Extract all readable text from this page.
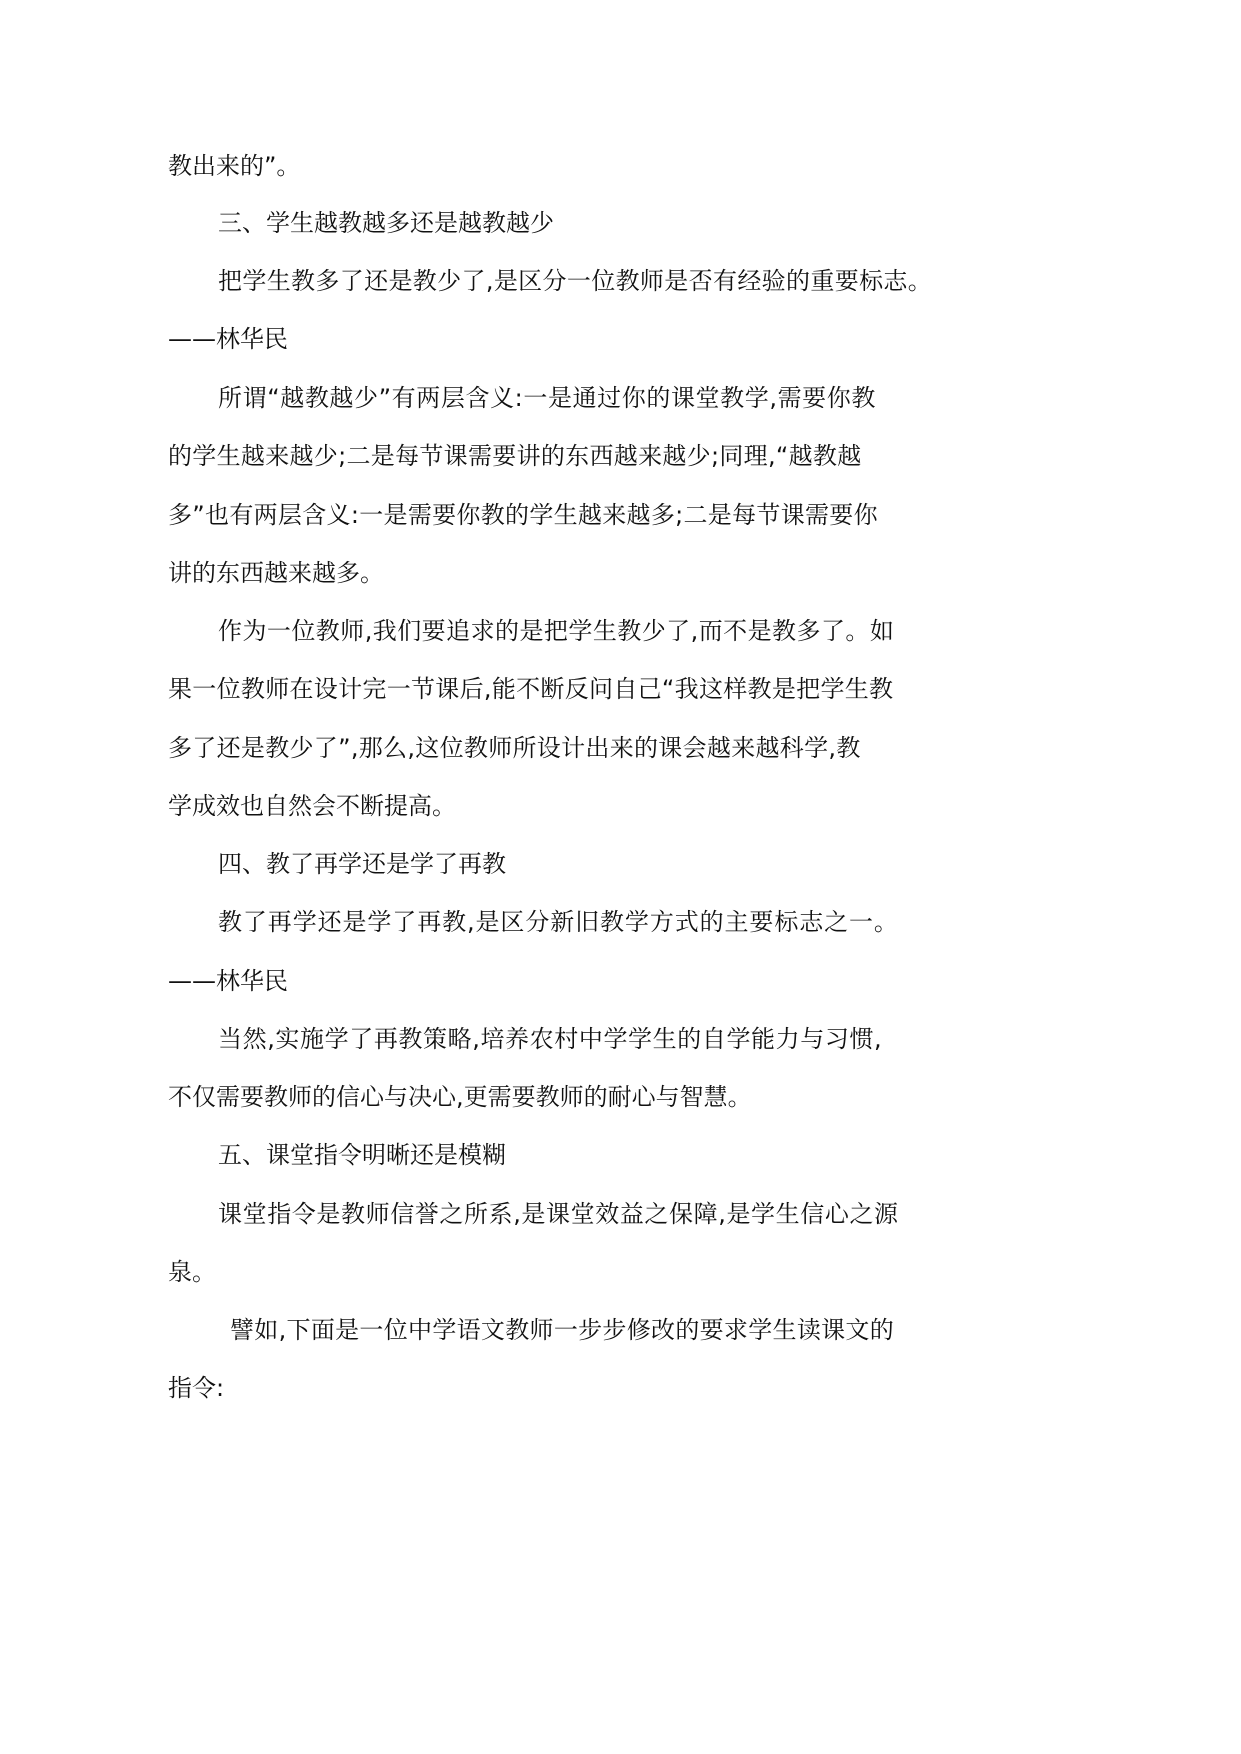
教出来的”。

三、学生越教越多还是越教越少

把学生教多了还是教少了,是区分一位教师是否有经验的重要标志。

——林华民

所谓“越教越少”有两层含义:一是通过你的课堂教学,需要你教

的学生越来越少;二是每节课需要讲的东西越来越少;同理,“越教越

多”也有两层含义:一是需要你教的学生越来越多;二是每节课需要你

讲的东西越来越多。

作为一位教师,我们要追求的是把学生教少了,而不是教多了。如

果一位教师在设计完一节课后,能不断反问自己“我这样教是把学生教

多了还是教少了”,那么,这位教师所设计出来的课会越来越科学,教

学成效也自然会不断提高。

四、教了再学还是学了再教

教了再学还是学了再教,是区分新旧教学方式的主要标志之一。

——林华民

当然,实施学了再教策略,培养农村中学学生的自学能力与习惯,

不仅需要教师的信心与决心,更需要教师的耐心与智慧。

五、课堂指令明晰还是模糊

课堂指令是教师信誉之所系,是课堂效益之保障,是学生信心之源

泉。

譬如,下面是一位中学语文教师一步步修改的要求学生读课文的

指令:
